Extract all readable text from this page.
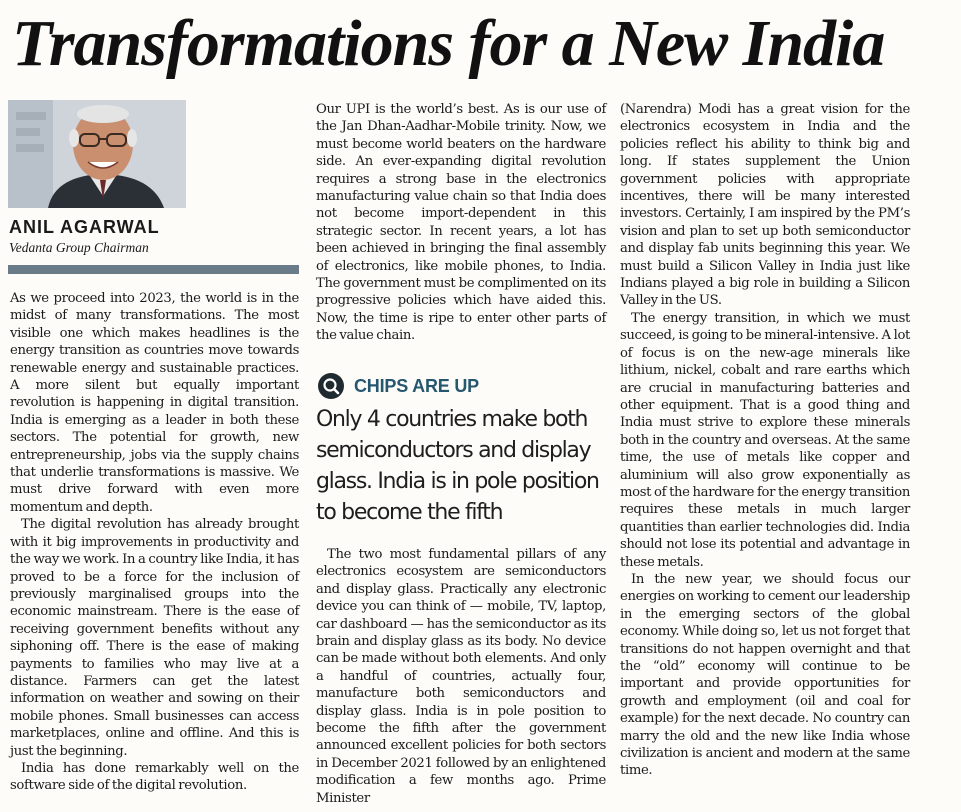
Transformations for a New India

ANIL AGARWAL

Vedanta Group Chairman

As we proceed into 2023, the world is in the midst of many transformations. The most visible one which makes headlines is the energy transition as countries move towards renewable energy and sustainable practices. A more silent but equally important revolution is happening in digital transition. India is emerging as a leader in both these sectors. The potential for growth, new entrepreneurship, jobs via the supply chains that underlie transformations is massive. We must drive forward with even more momentum and depth.

The digital revolution has already brought with it big improvements in productivity and the way we work. In a country like India, it has proved to be a force for the inclusion of previously marginalised groups into the economic mainstream. There is the ease of receiving government benefits without any siphoning off. There is the ease of making payments to families who may live at a distance. Farmers can get the latest information on weather and sowing on their mobile phones. Small businesses can access marketplaces, online and offline. And this is just the beginning.

India has done remarkably well on the software side of the digital revolution.

Our UPI is the world’s best. As is our use of the Jan Dhan-Aadhar-Mobile trinity. Now, we must become world beaters on the hardware side. An ever-expanding digital revolution requires a strong base in the electronics manufacturing value chain so that India does not become import-dependent in this strategic sector. In recent years, a lot has been achieved in bringing the final assembly of electronics, like mobile phones, to India. The government must be complimented on its progressive policies which have aided this. Now, the time is ripe to enter other parts of the value chain.

CHIPS ARE UP

Only 4 countries make both semiconductors and display glass. India is in pole position to become the fifth

The two most fundamental pillars of any electronics ecosystem are semiconductors and display glass. Practically any electronic device you can think of — mobile, TV, laptop, car dashboard — has the semiconductor as its brain and display glass as its body. No device can be made without both elements. And only a handful of countries, actually four, manufacture both semiconductors and display glass. India is in pole position to become the fifth after the government announced excellent policies for both sectors in December 2021 followed by an enlightened modification a few months ago. Prime Minister

(Narendra) Modi has a great vision for the electronics ecosystem in India and the policies reflect his ability to think big and long. If states supplement the Union government policies with appropriate incentives, there will be many interested investors. Certainly, I am inspired by the PM’s vision and plan to set up both semiconductor and display fab units beginning this year. We must build a Silicon Valley in India just like Indians played a big role in building a Silicon Valley in the US.

The energy transition, in which we must succeed, is going to be mineral-intensive. A lot of focus is on the new-age minerals like lithium, nickel, cobalt and rare earths which are crucial in manufacturing batteries and other equipment. That is a good thing and India must strive to explore these minerals both in the country and overseas. At the same time, the use of metals like copper and aluminium will also grow exponentially as most of the hardware for the energy transition requires these metals in much larger quantities than earlier technologies did. India should not lose its potential and advantage in these metals.

In the new year, we should focus our energies on working to cement our leadership in the emerging sectors of the global economy. While doing so, let us not forget that transitions do not happen overnight and that the “old” economy will continue to be important and provide opportunities for growth and employment (oil and coal for example) for the next decade. No country can marry the old and the new like India whose civilization is ancient and modern at the same time.
